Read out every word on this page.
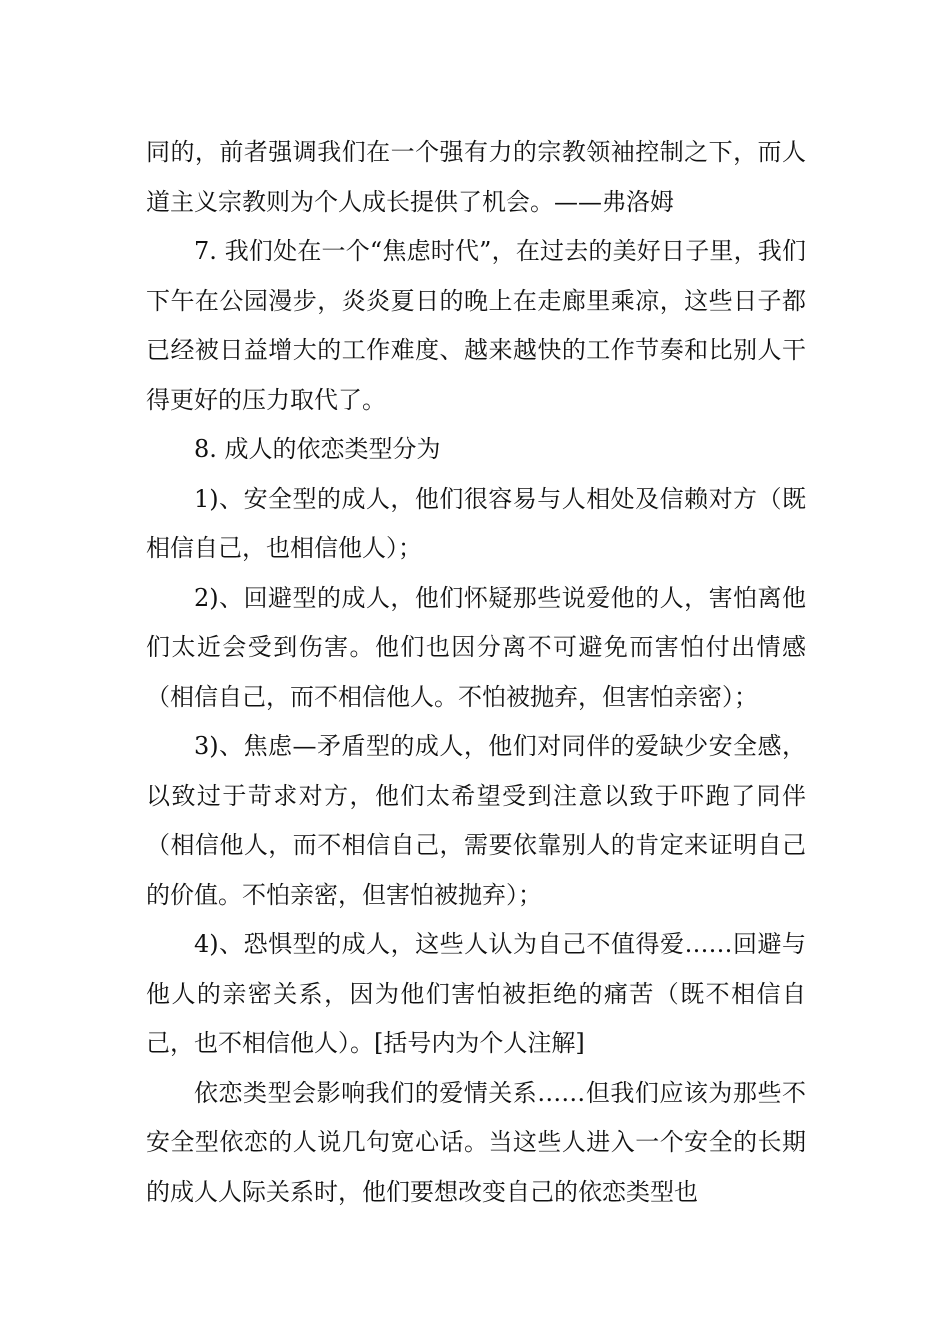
同的，前者强调我们在一个强有力的宗教领袖控制之下，而人道主义宗教则为个人成长提供了机会。——弗洛姆

7. 我们处在一个“焦虑时代”，在过去的美好日子里，我们下午在公园漫步，炎炎夏日的晚上在走廊里乘凉，这些日子都已经被日益增大的工作难度、越来越快的工作节奏和比别人干得更好的压力取代了。

8. 成人的依恋类型分为

1)、安全型的成人，他们很容易与人相处及信赖对方（既相信自己，也相信他人）；

2)、回避型的成人，他们怀疑那些说爱他的人，害怕离他们太近会受到伤害。他们也因分离不可避免而害怕付出情感（相信自己，而不相信他人。不怕被抛弃，但害怕亲密）；

3)、焦虑—矛盾型的成人，他们对同伴的爱缺少安全感，以致过于苛求对方，他们太希望受到注意以致于吓跑了同伴（相信他人，而不相信自己，需要依靠别人的肯定来证明自己的价值。不怕亲密，但害怕被抛弃）；

4)、恐惧型的成人，这些人认为自己不值得爱……回避与他人的亲密关系，因为他们害怕被拒绝的痛苦（既不相信自己，也不相信他人）。[括号内为个人注解]

依恋类型会影响我们的爱情关系……但我们应该为那些不安全型依恋的人说几句宽心话。当这些人进入一个安全的长期的成人人际关系时，他们要想改变自己的依恋类型也
